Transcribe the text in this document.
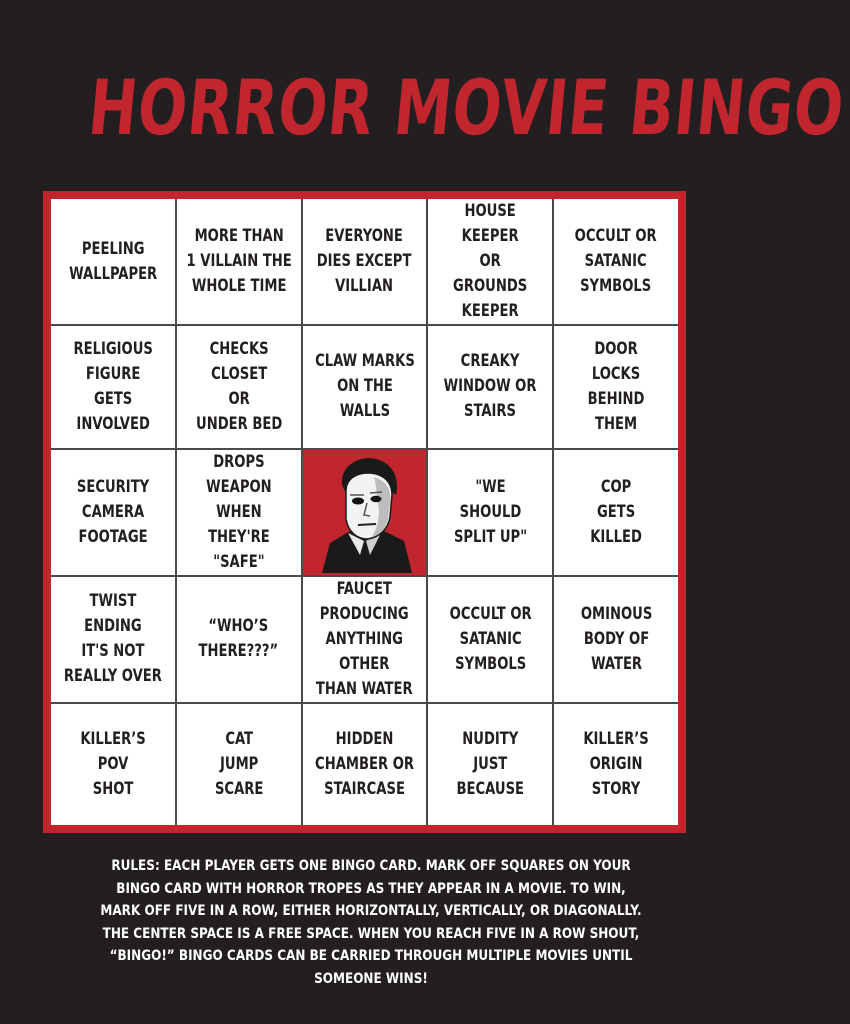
HORROR MOVIE BINGO
PEELING
WALLPAPER
MORE THAN
1 VILLAIN THE
WHOLE TIME
EVERYONE
DIES EXCEPT
VILLIAN
HOUSE
KEEPER
OR
GROUNDS
KEEPER
OCCULT OR
SATANIC
SYMBOLS
RELIGIOUS
FIGURE
GETS
INVOLVED
CHECKS
CLOSET
OR
UNDER BED
CLAW MARKS
ON THE
WALLS
CREAKY
WINDOW OR
STAIRS
DOOR
LOCKS
BEHIND
THEM
SECURITY
CAMERA
FOOTAGE
DROPS
WEAPON
WHEN THEY'RE
"SAFE"
"WE
SHOULD
SPLIT UP"
COP
GETS
KILLED
TWIST ENDING
IT'S NOT
REALLY OVER
“WHO’S
THERE???”
FAUCET
PRODUCING
ANYTHING
OTHER
THAN WATER
OCCULT OR
SATANIC
SYMBOLS
OMINOUS
BODY OF
WATER
KILLER’S
POV
SHOT
CAT
JUMP
SCARE
HIDDEN
CHAMBER OR
STAIRCASE
NUDITY
JUST
BECAUSE
KILLER’S
ORIGIN
STORY
RULES: EACH PLAYER GETS ONE BINGO CARD. MARK OFF SQUARES ON YOUR BINGO CARD WITH HORROR TROPES AS THEY APPEAR IN A MOVIE. TO WIN, MARK OFF FIVE IN A ROW, EITHER HORIZONTALLY, VERTICALLY, OR DIAGONALLY. THE CENTER SPACE IS A FREE SPACE. WHEN YOU REACH FIVE IN A ROW SHOUT, “BINGO!” BINGO CARDS CAN BE CARRIED THROUGH MULTIPLE MOVIES UNTIL SOMEONE WINS!
